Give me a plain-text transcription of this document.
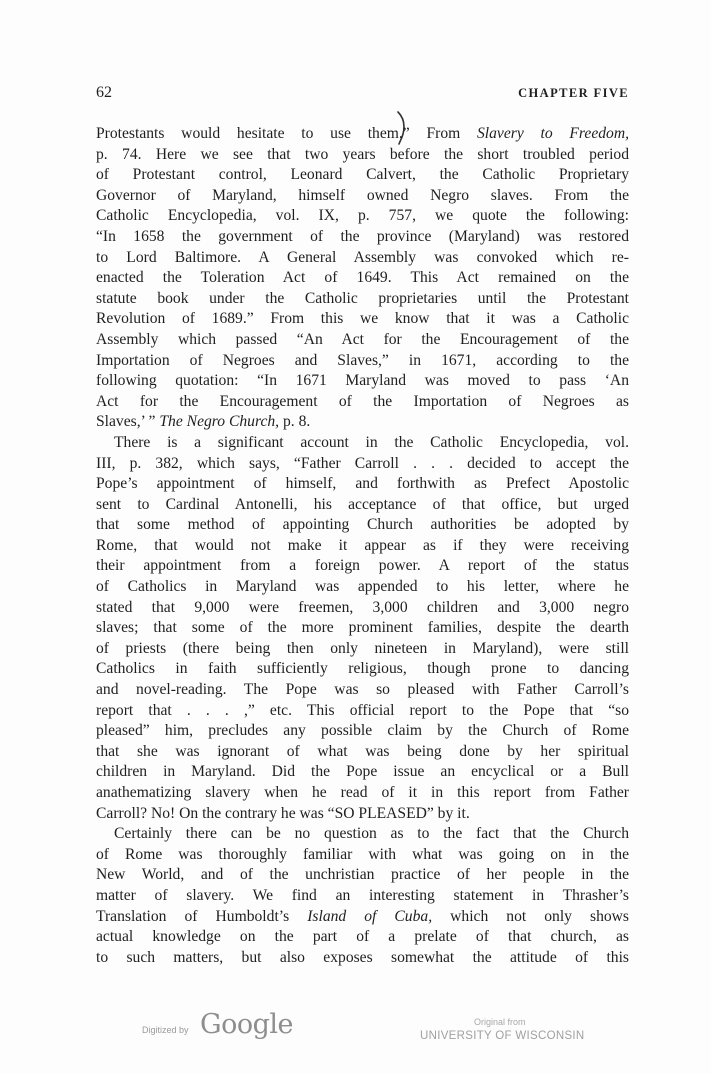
62	CHAPTER FIVE
Protestants would hesitate to use them.” From Slavery to Freedom,
p. 74. Here we see that two years before the short troubled period
of Protestant control, Leonard Calvert, the Catholic Proprietary
Governor of Maryland, himself owned Negro slaves. From the
Catholic Encyclopedia, vol. IX, p. 757, we quote the following:
“In 1658 the government of the province (Maryland) was restored
to Lord Baltimore. A General Assembly was convoked which re-
enacted the Toleration Act of 1649. This Act remained on the
statute book under the Catholic proprietaries until the Protestant
Revolution of 1689.” From this we know that it was a Catholic
Assembly which passed “An Act for the Encouragement of the
Importation of Negroes and Slaves,” in 1671, according to the
following quotation: “In 1671 Maryland was moved to pass ‘An
Act for the Encouragement of the Importation of Negroes as
Slaves,’ ” The Negro Church, p. 8.
There is a significant account in the Catholic Encyclopedia, vol.
III, p. 382, which says, “Father Carroll . . . decided to accept the
Pope’s appointment of himself, and forthwith as Prefect Apostolic
sent to Cardinal Antonelli, his acceptance of that office, but urged
that some method of appointing Church authorities be adopted by
Rome, that would not make it appear as if they were receiving
their appointment from a foreign power. A report of the status
of Catholics in Maryland was appended to his letter, where he
stated that 9,000 were freemen, 3,000 children and 3,000 negro
slaves; that some of the more prominent families, despite the dearth
of priests (there being then only nineteen in Maryland), were still
Catholics in faith sufficiently religious, though prone to dancing
and novel-reading. The Pope was so pleased with Father Carroll’s
report that . . . ,” etc. This official report to the Pope that “so
pleased” him, precludes any possible claim by the Church of Rome
that she was ignorant of what was being done by her spiritual
children in Maryland. Did the Pope issue an encyclical or a Bull
anathematizing slavery when he read of it in this report from Father
Carroll? No! On the contrary he was “SO PLEASED” by it.
Certainly there can be no question as to the fact that the Church
of Rome was thoroughly familiar with what was going on in the
New World, and of the unchristian practice of her people in the
matter of slavery. We find an interesting statement in Thrasher’s
Translation of Humboldt’s Island of Cuba, which not only shows
actual knowledge on the part of a prelate of that church, as
to such matters, but also exposes somewhat the attitude of this
Digitized by Google	Original from
UNIVERSITY OF WISCONSIN
